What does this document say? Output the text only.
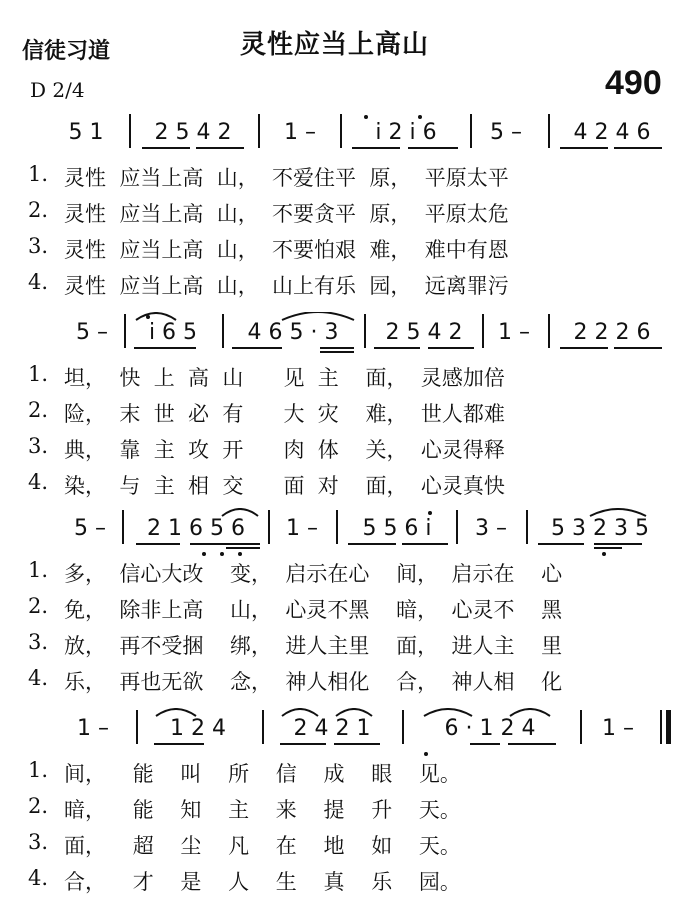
信徒习道	灵性应当上高山
D 2/4	490
5 1	2 5 4 2	1 –	i 2 i 6	5 –	4 2 4 6
1. 灵性  应当上高  山，  不爱住平  原，  平原太平
2. 灵性  应当上高  山，  不要贪平  原，  平原太危
3. 灵性  应当上高  山，  不要怕艰  难，  难中有恩
4. 灵性  应当上高  山，  山上有乐  园，  远离罪污
5 –	i 6 5	4 6 5 · 3	2 5 4 2	1 –	2 2 2 6
1. 坦，  快  上  高  山      见  主    面，  灵感加倍
2. 险，  末  世  必  有      大  灾    难，  世人都难
3. 典，  靠  主  攻  开      肉  体    关，  心灵得释
4. 染，  与  主  相  交      面  对    面，  心灵真快
5 –	2 1 6 5 6	1 –	5 5 6 i	3 –	5 3 2 3 5
1. 多，  信心大改    变，  启示在心    间，  启示在    心
2. 免，  除非上高    山，  心灵不黑    暗，  心灵不    黑
3. 放，  再不受捆    绑，  进人主里    面，  进人主    里
4. 乐，  再也无欲    念，  神人相化    合，  神人相    化
1 –	1 2 4	2 4 2 1	6 · 1 2 4	1 –
1. 间，    能    叫    所    信    成    眼    见。
2. 暗，    能    知    主    来    提    升    天。
3. 面，    超    尘    凡    在    地    如    天。
4. 合，    才    是    人    生    真    乐    园。
